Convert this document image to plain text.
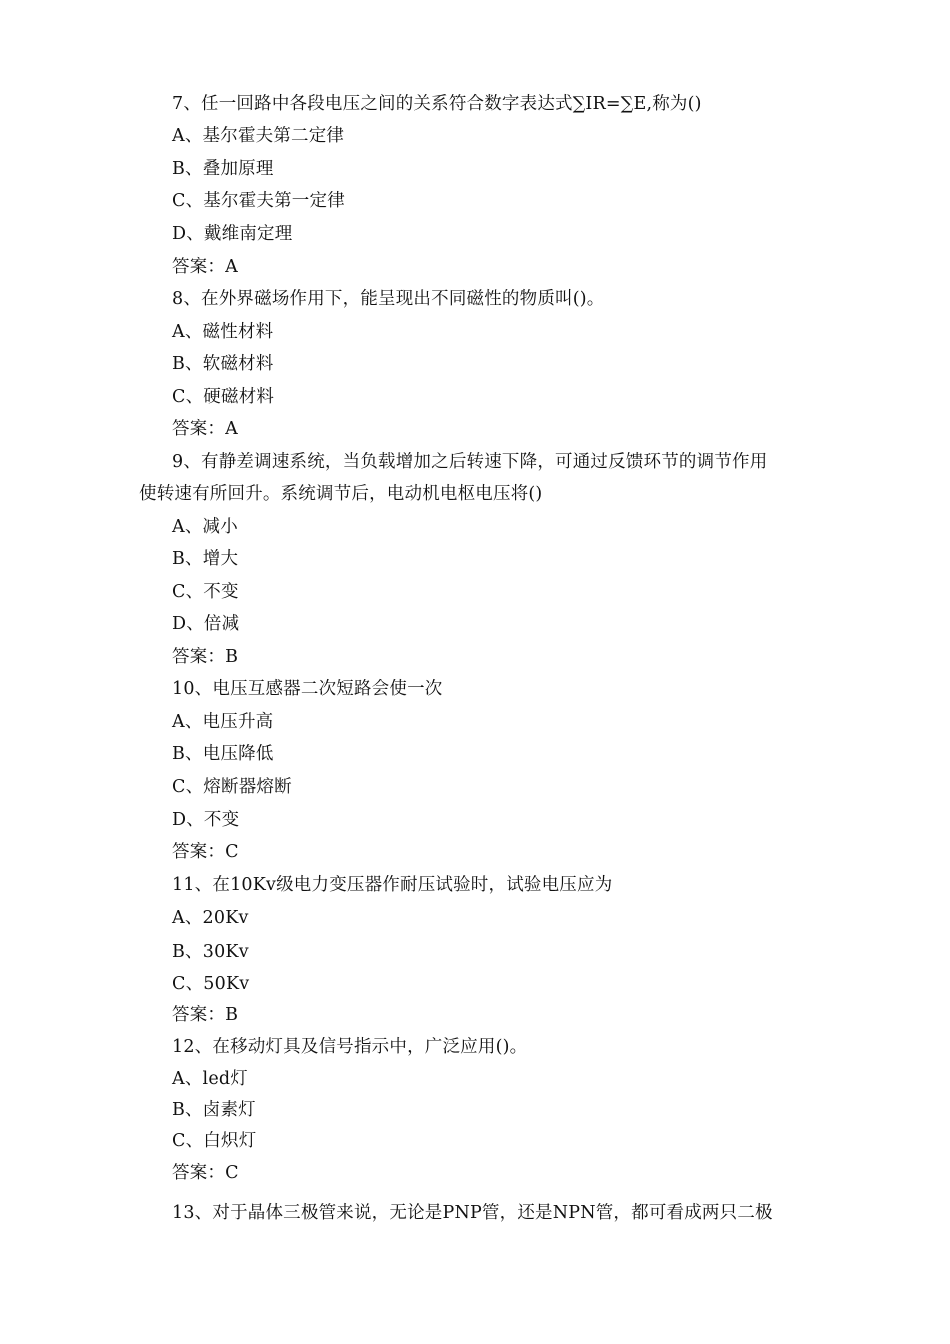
7、任一回路中各段电压之间的关系符合数字表达式∑IR=∑E,称为()
A、基尔霍夫第二定律
B、叠加原理
C、基尔霍夫第一定律
D、戴维南定理
答案：A
8、在外界磁场作用下，能呈现出不同磁性的物质叫()。
A、磁性材料
B、软磁材料
C、硬磁材料
答案：A
9、有静差调速系统，当负载增加之后转速下降，可通过反馈环节的调节作用
使转速有所回升。系统调节后，电动机电枢电压将()
A、减小
B、增大
C、不变
D、倍减
答案：B
10、电压互感器二次短路会使一次
A、电压升高
B、电压降低
C、熔断器熔断
D、不变
答案：C
11、在10Kv级电力变压器作耐压试验时，试验电压应为
A、20Kv
B、30Kv
C、50Kv
答案：B
12、在移动灯具及信号指示中，广泛应用()。
A、led灯
B、卤素灯
C、白炽灯
答案：C
13、对于晶体三极管来说，无论是PNP管，还是NPN管，都可看成两只二极
